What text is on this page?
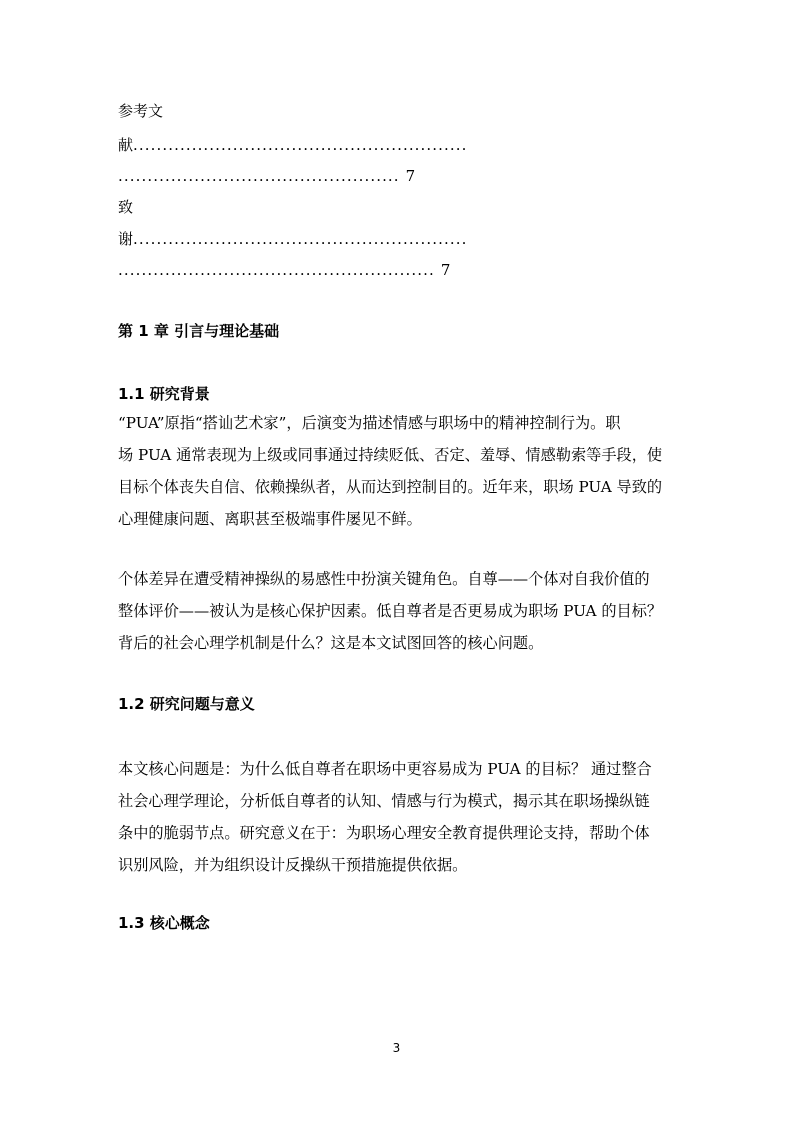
参考文
献.........................................................
................................................ 7
致
谢.........................................................
...................................................... 7
第 1 章 引言与理论基础
1.1 研究背景
“PUA”原指“搭讪艺术家”，后演变为描述情感与职场中的精神控制行为。职
场 PUA 通常表现为上级或同事通过持续贬低、否定、羞辱、情感勒索等手段，使
目标个体丧失自信、依赖操纵者，从而达到控制目的。近年来，职场 PUA 导致的
心理健康问题、离职甚至极端事件屡见不鲜。
个体差异在遭受精神操纵的易感性中扮演关键角色。自尊——个体对自我价值的
整体评价——被认为是核心保护因素。低自尊者是否更易成为职场 PUA 的目标？
背后的社会心理学机制是什么？这是本文试图回答的核心问题。
1.2 研究问题与意义
本文核心问题是：为什么低自尊者在职场中更容易成为 PUA 的目标？ 通过整合
社会心理学理论，分析低自尊者的认知、情感与行为模式，揭示其在职场操纵链
条中的脆弱节点。研究意义在于：为职场心理安全教育提供理论支持，帮助个体
识别风险，并为组织设计反操纵干预措施提供依据。
1.3 核心概念
3
